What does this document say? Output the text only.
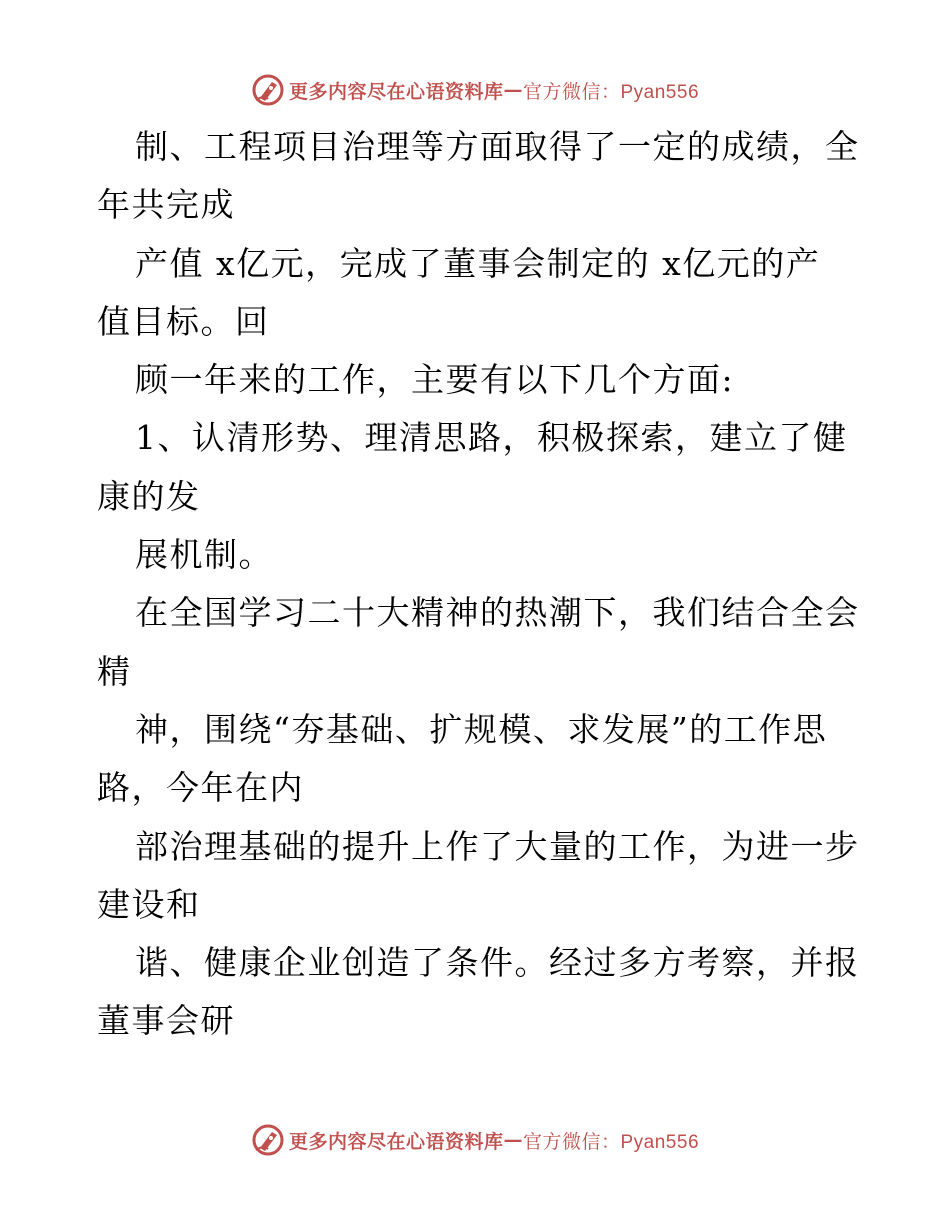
更多内容尽在心语资料库 — 官方微信：Pyan556
制、工程项目治理等方面取得了一定的成绩，全
年共完成
产值 x亿元，完成了董事会制定的 x亿元的产
值目标。回
顾一年来的工作，主要有以下几个方面:
1、认清形势、理清思路，积极探索，建立了健
康的发
展机制。
在全国学习二十大精神的热潮下，我们结合全会
精
神，围绕“夯基础、扩规模、求发展”的工作思
路，今年在内
部治理基础的提升上作了大量的工作，为进一步
建设和
谐、健康企业创造了条件。经过多方考察，并报
董事会研
更多内容尽在心语资料库 — 官方微信：Pyan556
